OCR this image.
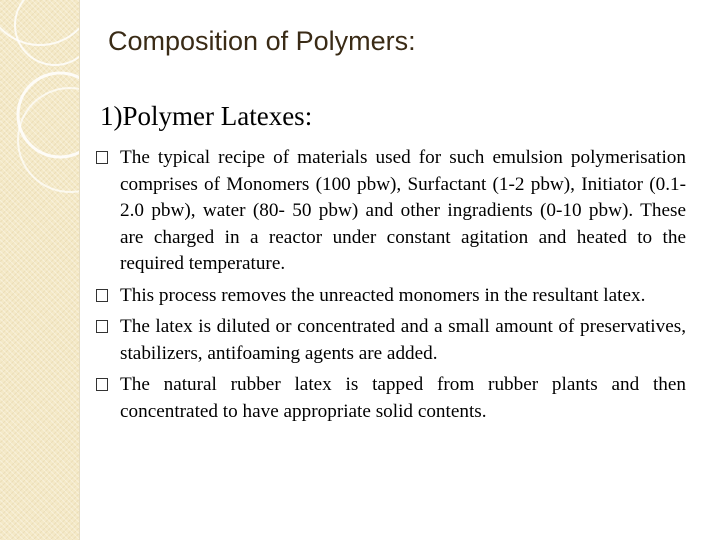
Composition of Polymers:
1)Polymer Latexes:
The typical recipe of materials used for such emulsion polymerisation comprises of Monomers (100 pbw), Surfactant (1-2 pbw), Initiator (0.1-2.0 pbw), water (80- 50 pbw) and other ingradients (0-10 pbw). These are charged in a reactor under constant agitation and heated to the required temperature.
This process removes the unreacted monomers in the resultant latex.
The latex is diluted or concentrated and a small amount of preservatives, stabilizers, antifoaming agents are added.
The natural rubber latex is tapped from rubber plants and then concentrated to have appropriate solid contents.
